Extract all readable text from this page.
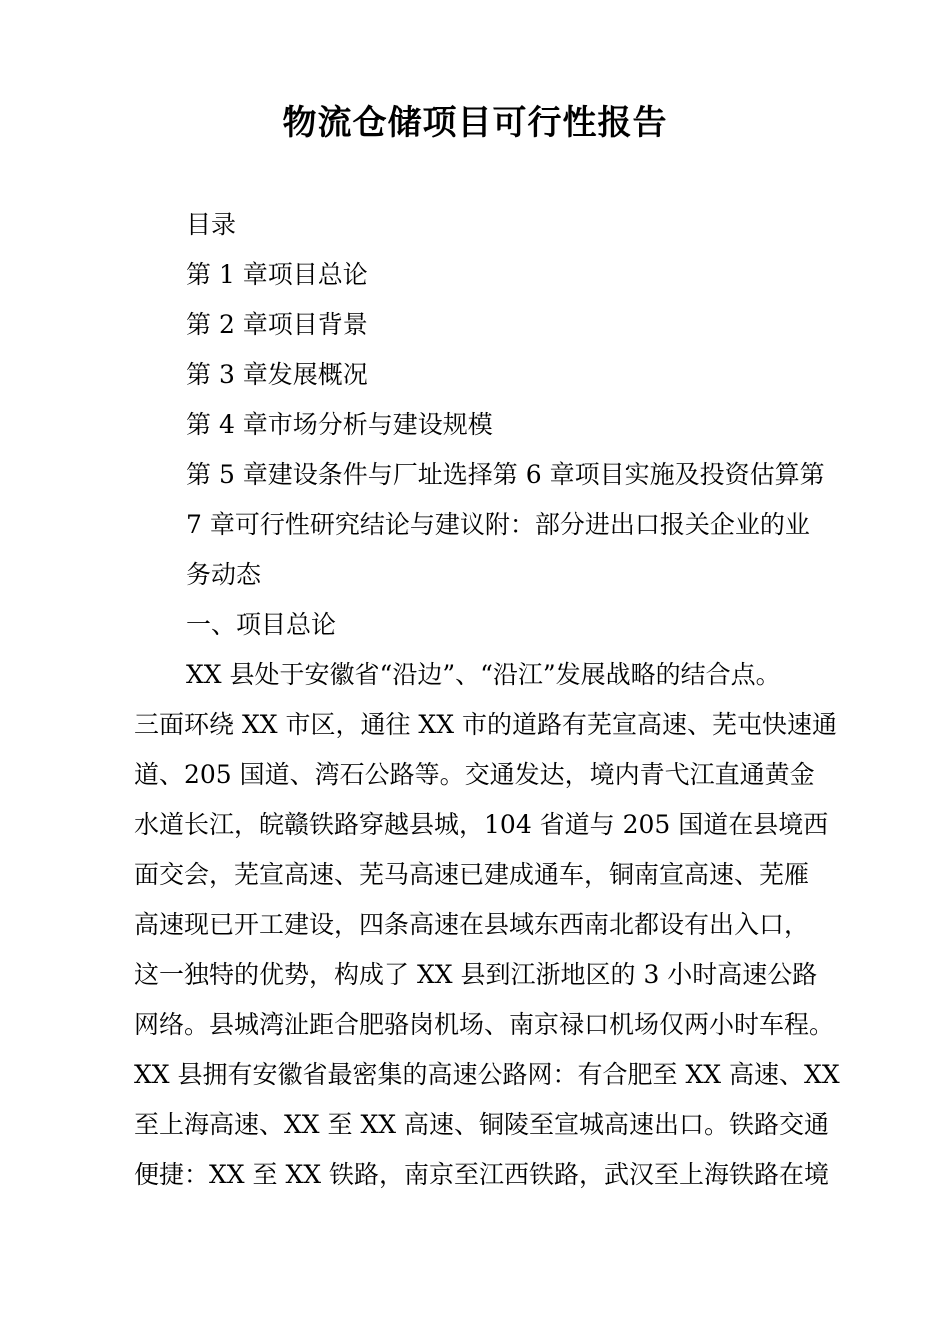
物流仓储项目可行性报告
目录
第 1 章项目总论
第 2 章项目背景
第 3 章发展概况
第 4 章市场分析与建设规模
第 5 章建设条件与厂址选择第 6 章项目实施及投资估算第
7 章可行性研究结论与建议附：部分进出口报关企业的业
务动态
一、项目总论
XX 县处于安徽省“沿边”、“沿江”发展战略的结合点。
三面环绕 XX 市区，通往 XX 市的道路有芜宣高速、芜屯快速通
道、205 国道、湾石公路等。交通发达，境内青弋江直通黄金
水道长江，皖赣铁路穿越县城，104 省道与 205 国道在县境西
面交会，芜宣高速、芜马高速已建成通车，铜南宣高速、芜雁
高速现已开工建设，四条高速在县域东西南北都设有出入口，
这一独特的优势，构成了 XX 县到江浙地区的 3 小时高速公路
网络。县城湾沚距合肥骆岗机场、南京禄口机场仅两小时车程。
XX 县拥有安徽省最密集的高速公路网：有合肥至 XX 高速、XX
至上海高速、XX 至 XX 高速、铜陵至宣城高速出口。铁路交通
便捷：XX 至 XX 铁路，南京至江西铁路，武汉至上海铁路在境
